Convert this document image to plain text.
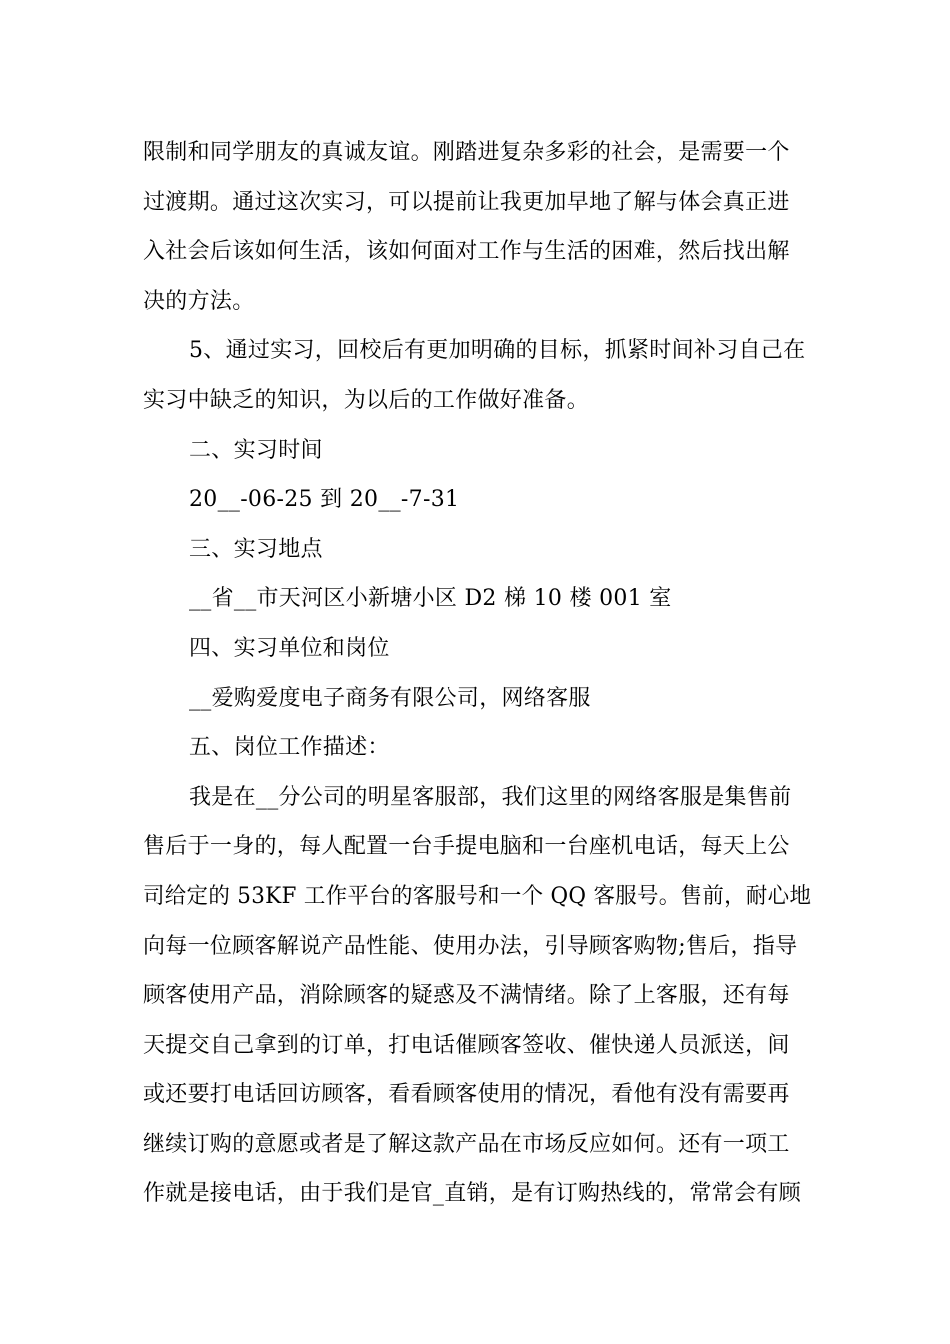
限制和同学朋友的真诚友谊。刚踏进复杂多彩的社会，是需要一个
过渡期。通过这次实习，可以提前让我更加早地了解与体会真正进
入社会后该如何生活，该如何面对工作与生活的困难，然后找出解
决的方法。
5、通过实习，回校后有更加明确的目标，抓紧时间补习自己在
实习中缺乏的知识，为以后的工作做好准备。
二、实习时间
20__-06-25 到 20__-7-31
三、实习地点
__省__市天河区小新塘小区 D2 梯 10 楼 001 室
四、实习单位和岗位
__爱购爱度电子商务有限公司，网络客服
五、岗位工作描述：
我是在__分公司的明星客服部，我们这里的网络客服是集售前
售后于一身的，每人配置一台手提电脑和一台座机电话，每天上公
司给定的 53KF 工作平台的客服号和一个 QQ 客服号。售前，耐心地
向每一位顾客解说产品性能、使用办法，引导顾客购物;售后，指导
顾客使用产品，消除顾客的疑惑及不满情绪。除了上客服，还有每
天提交自己拿到的订单，打电话催顾客签收、催快递人员派送，间
或还要打电话回访顾客，看看顾客使用的情况，看他有没有需要再
继续订购的意愿或者是了解这款产品在市场反应如何。还有一项工
作就是接电话，由于我们是官_直销，是有订购热线的，常常会有顾
